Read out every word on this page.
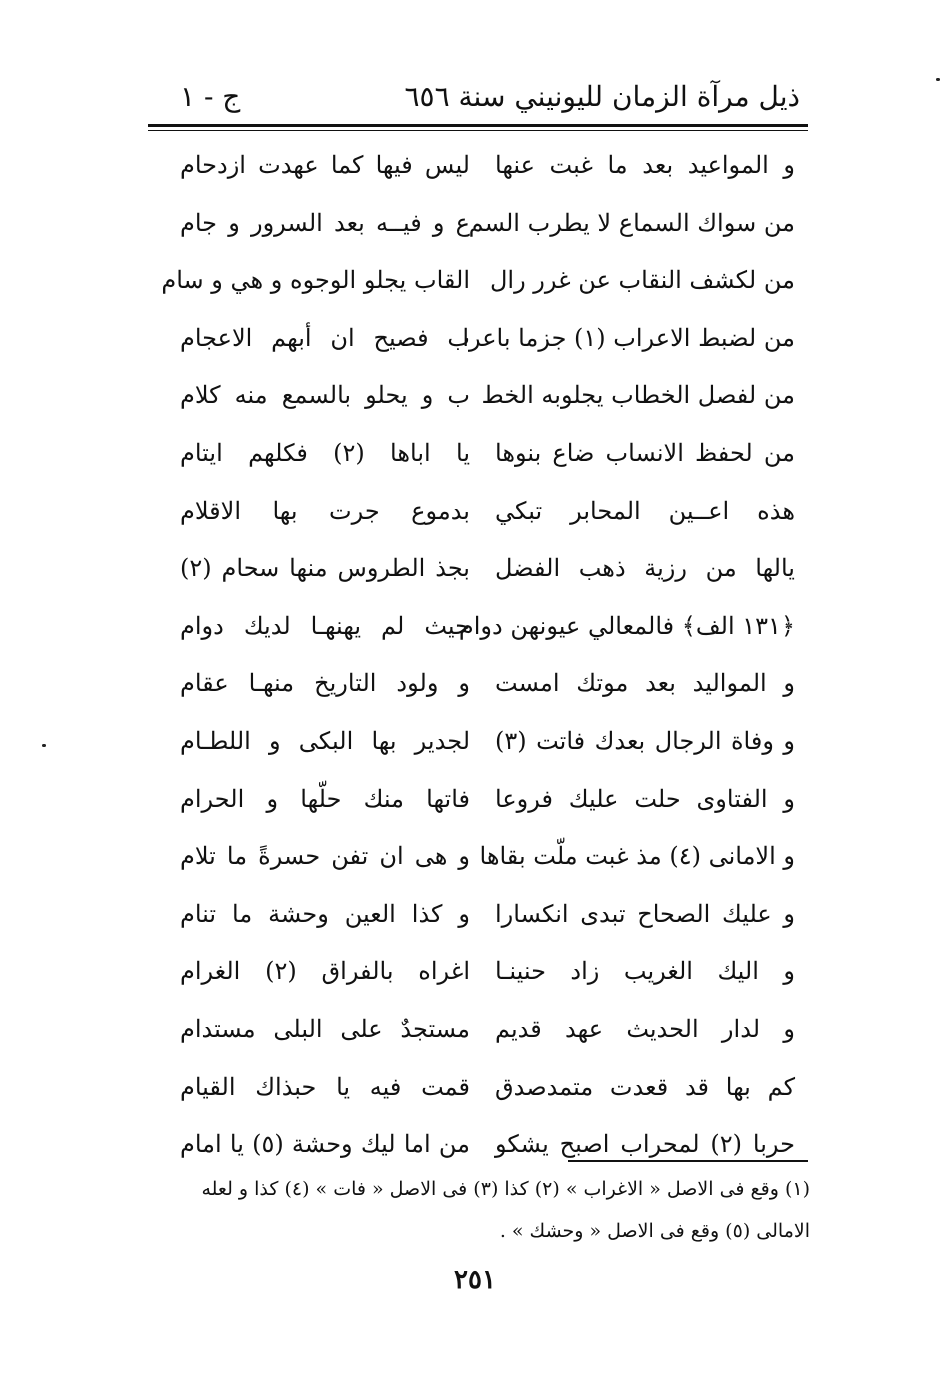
ذيل مرآة الزمان لليونيني سنة ٦٥٦
ج - ١
و المواعيد بعد ما غبت عنها
ليس فيها كما عهدت ازدحام
من سواك السماع لا يطرب السم
ع و فيــه بعد السرور و جام
من لكشف النقاب عن غرر رال
القاب يجلو الوجوه و هي و سام
من لضبط الاعراب (١) جزما باعرا
ب فصيح ان أبهم الاعجام
من لفصل الخطاب يجلوبه الخط
ب و يحلو بالسمع منه كلام
من لحفظ الانساب ضاع بنوها
يا اباها (٢) فكلهم ايتام
هذه اعــين المحابر تبكي
بدموع جرت بها الاقلام
يالها من رزية ذهب الفضل
بجذ الطروس منها سحام (٢)
﴿١٣١ الف﴾ فالمعالي عيونهن دوام
حيث لم يهنهـا لديك دوام
و المواليد بعد موتك امست
و ولود التاريخ منهـا عقام
و وفاة الرجال بعدك فاتت (٣)
لجدير بها البكى و اللطـام
و الفتاوى حلت عليك فروعا
فاتها منك حلّها و الحرام
و الامانى (٤) مذ غبت ملّت بقاها
و هى ان تفن حسرةً ما تلام
و عليك الصحاح تبدى انكسارا
و كذا العين وحشة ما تنام
و اليك الغريب زاد حنينـا
اغراه بالفراق (٢) الغرام
و لدار الحديث عهد قديم
مستجدٌ على البلى مستدام
كم بها قد قعدت متمدصدق
قمت فيه يا حبذاك القيام
حربا (٢) لمحراب اصبح يشكو
من اما ليك وحشة (٥) يا امام
(١) وقع فى الاصل « الاغراب » (٢) كذا (٣) فى الاصل « فات » (٤) كذا و لعله
الامالى (٥) وقع فى الاصل « وحشك » .
٢٥١
